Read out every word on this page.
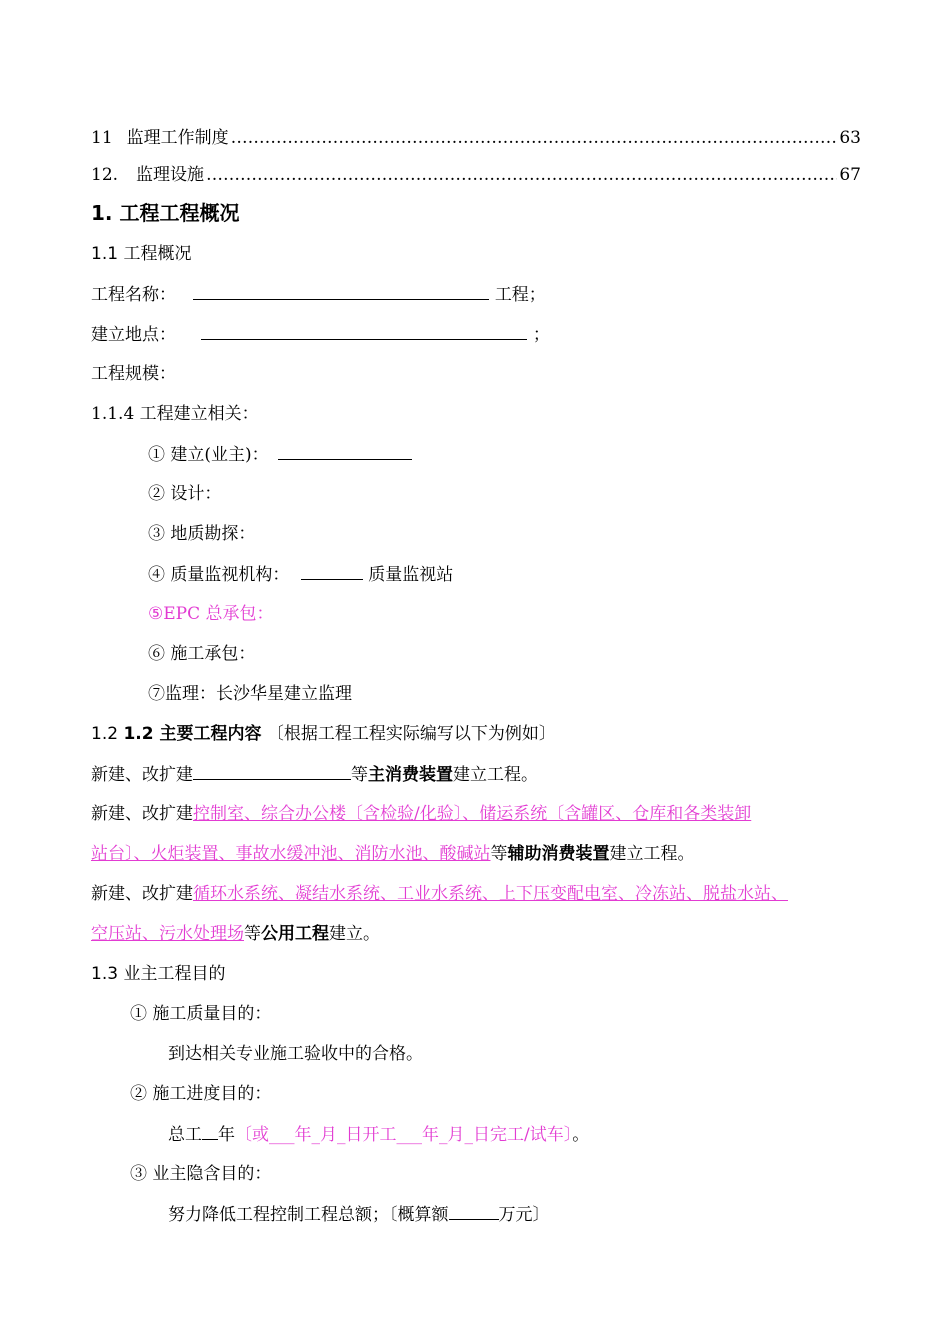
11 监理工作制度 ……………………………………………………………………………………………………………………	63
12. 监理设施 ……………………………………………………………………………………………………………………	67
1. 工程工程概况
1.1 工程概况
工程名称：	工程；
建立地点：	；
工程规模：
1.1.4 工程建立相关：
① 建立(业主)：
② 设计：
③ 地质勘探：
④ 质量监视机构：	质量监视站
⑤EPC 总承包：
⑥ 施工承包：
⑦监理：长沙华星建立监理
1.2 1.2 主要工程内容 〔根据工程工程实际编写以下为例如〕
新建、改扩建	等主消费装置建立工程。
新建、改扩建控制室、综合办公楼〔含检验/化验〕、储运系统〔含罐区、仓库和各类装卸
站台〕、火炬装置、事故水缓冲池、消防水池、酸碱站等辅助消费装置建立工程。
新建、改扩建循环水系统、凝结水系统、工业水系统、上下压变配电室、冷冻站、脱盐水站、
空压站、污水处理场等公用工程建立。
1.3 业主工程目的
① 施工质量目的：
到达相关专业施工验收中的合格。
② 施工进度目的：
总工 年〔或___年_月_日开工___年_月_日完工/试车〕。
③ 业主隐含目的：
努力降低工程控制工程总额；〔概算额	万元〕
